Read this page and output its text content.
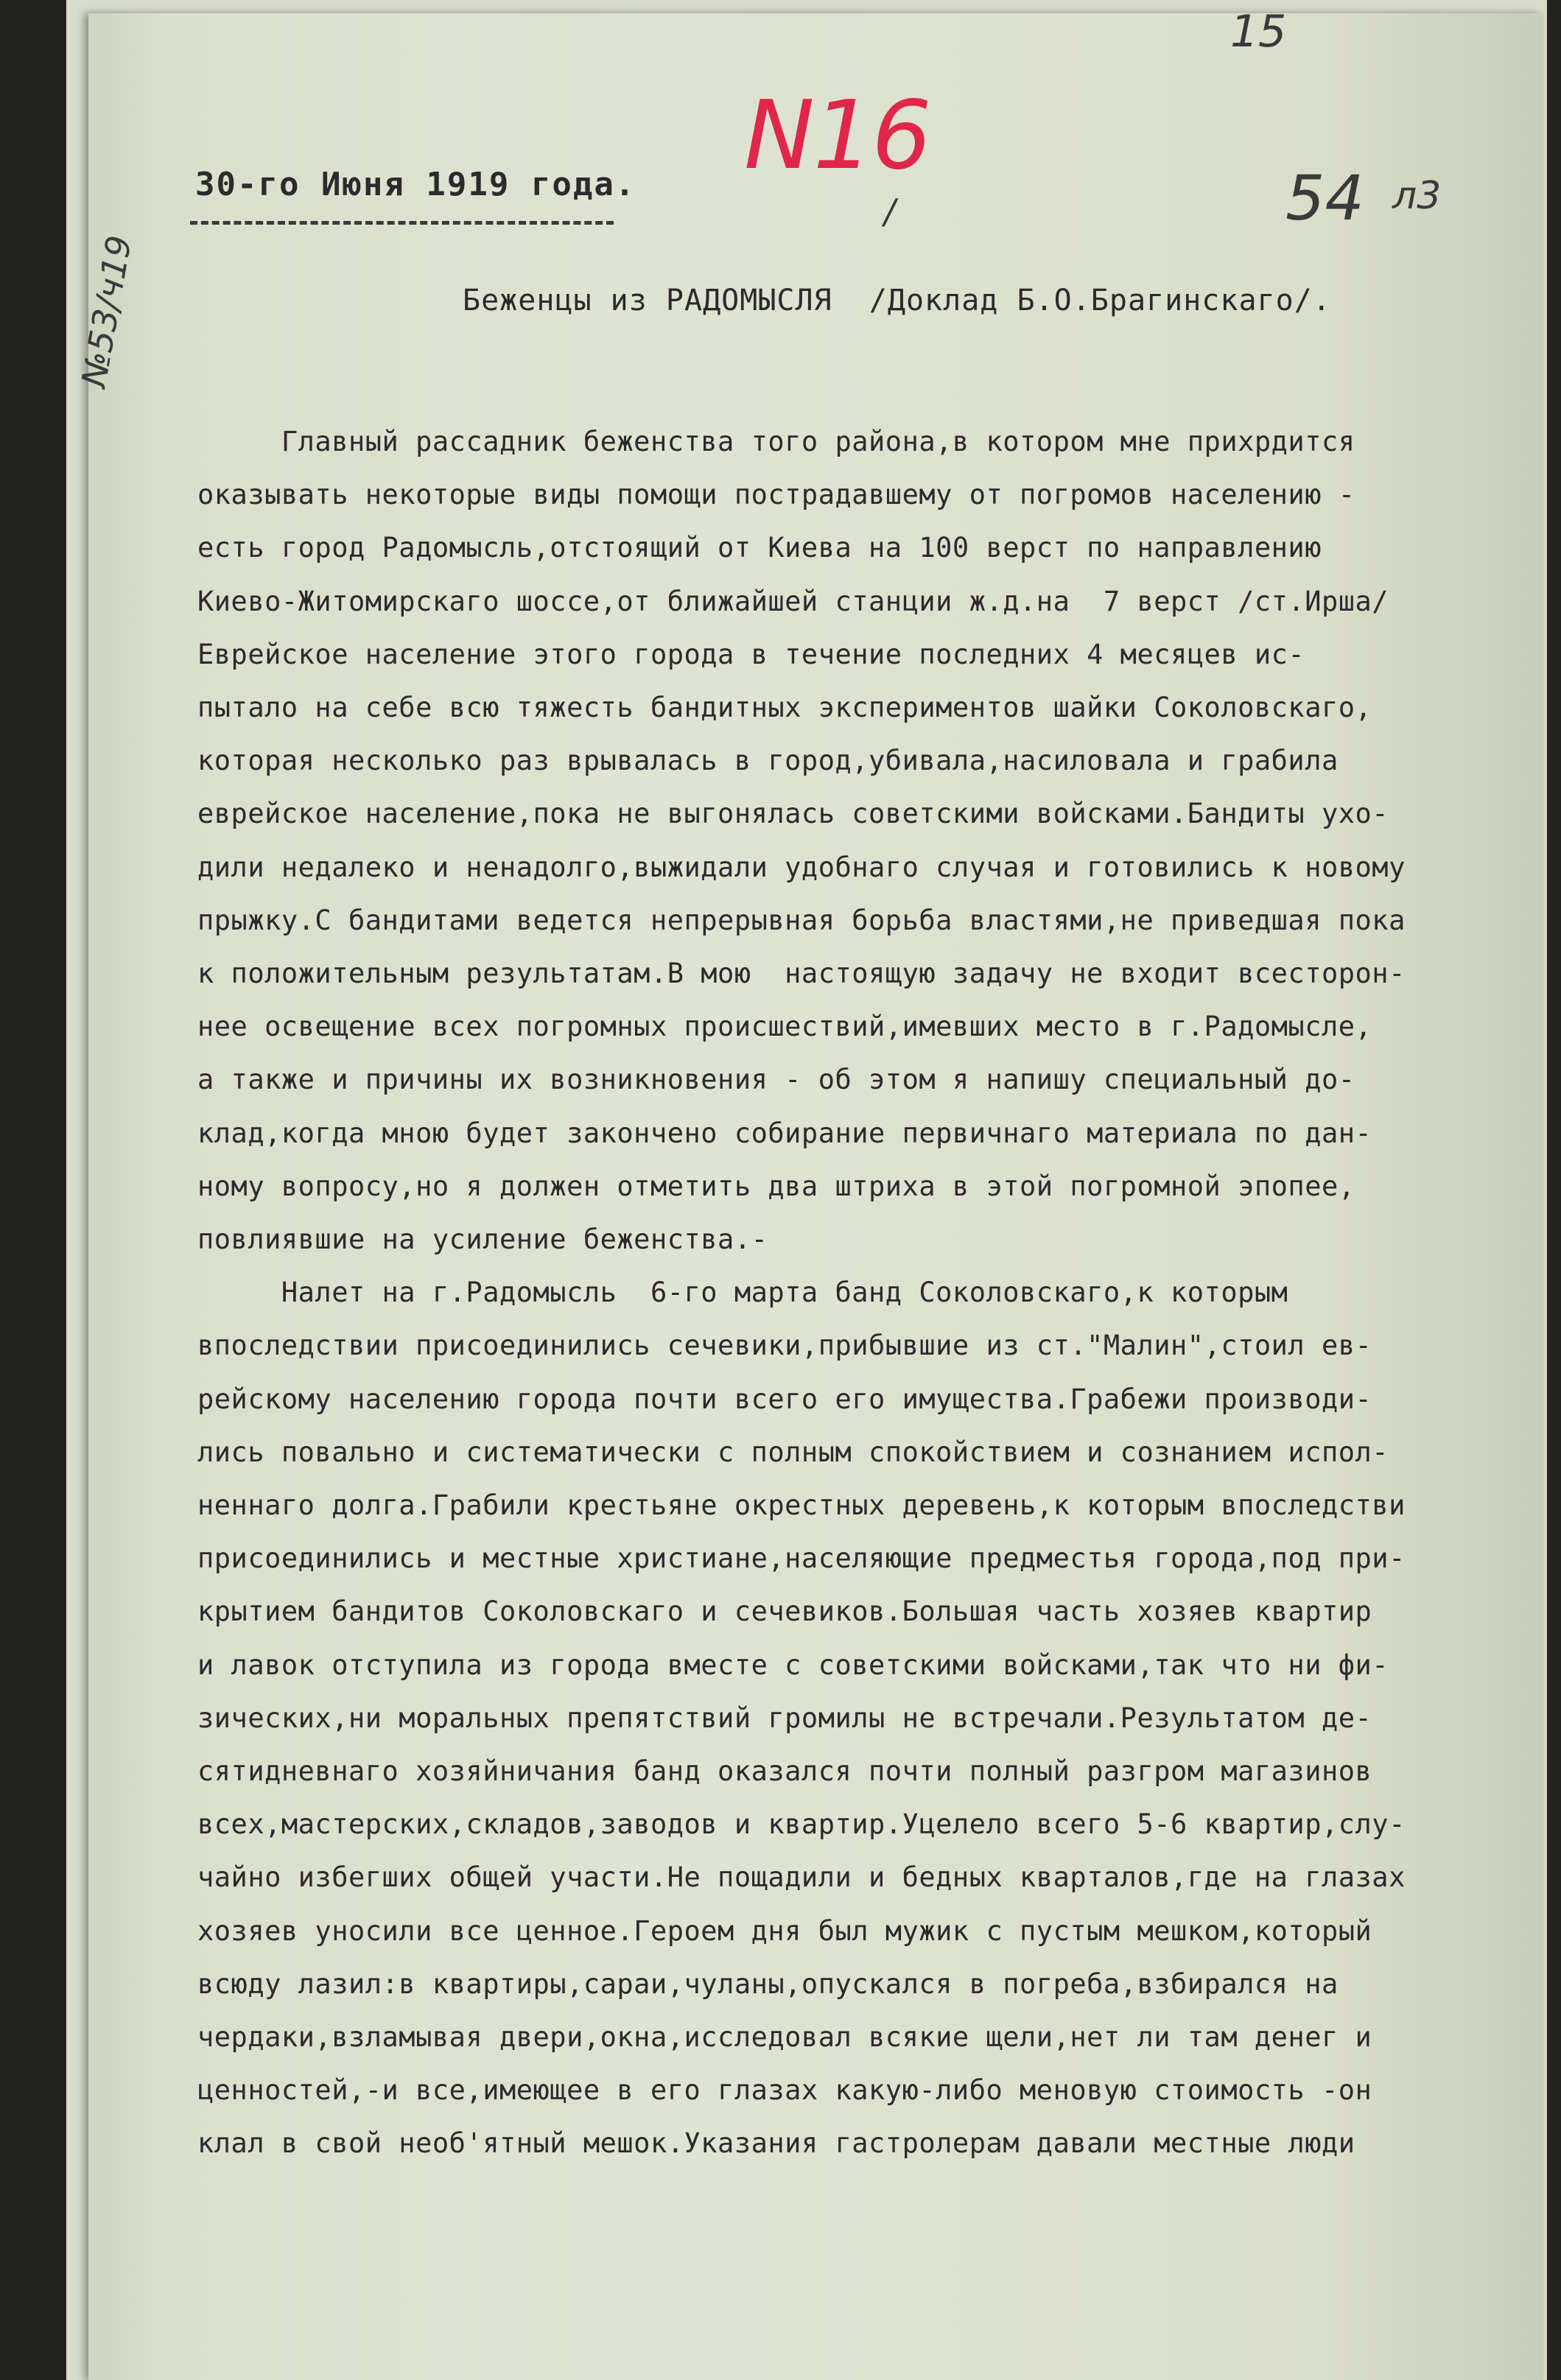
15
N16
/	54 л3
№53/ч19
30-го Июня 1919 года.
Беженцы из РАДОМЫСЛЯ  /Доклад Б.О.Брагинскаго/.
Главный рассадник беженства того района,в котором мне прихрдится
оказывать некоторые виды помощи пострадавшему от погромов населению -
есть город Радомысль,отстоящий от Киева на 100 верст по направлению
Киево-Житомирскаго шоссе,от ближайшей станции ж.д.на  7 верст /ст.Ирша/
Еврейское население этого города в течение последних 4 месяцев ис-
пытало на себе всю тяжесть бандитных экспериментов шайки Соколовскаго,
которая несколько раз врывалась в город,убивала,насиловала и грабила
еврейское население,пока не выгонялась советскими войсками.Бандиты ухо-
дили недалеко и ненадолго,выжидали удобнаго случая и готовились к новому
прыжку.С бандитами ведется непрерывная борьба властями,не приведшая пока
к положительным результатам.В мою  настоящую задачу не входит всесторон-
нее освещение всех погромных происшествий,имевших место в г.Радомысле,
а также и причины их возникновения - об этом я напишу специальный до-
клад,когда мною будет закончено собирание первичнаго материала по дан-
ному вопросу,но я должен отметить два штриха в этой погромной эпопее,
повлиявшие на усиление беженства.-
Налет на г.Радомысль  6-го марта банд Соколовскаго,к которым
впоследствии присоединились сечевики,прибывшие из ст."Малин",стоил ев-
рейскому населению города почти всего его имущества.Грабежи производи-
лись повально и систематически с полным спокойствием и сознанием испол-
неннаго долга.Грабили крестьяне окрестных деревень,к которым впоследстви
присоединились и местные христиане,населяющие предместья города,под при-
крытием бандитов Соколовскаго и сечевиков.Большая часть хозяев квартир
и лавок отступила из города вместе с советскими войсками,так что ни фи-
зических,ни моральных препятствий громилы не встречали.Результатом де-
сятидневнаго хозяйничания банд оказался почти полный разгром магазинов
всех,мастерских,складов,заводов и квартир.Уцелело всего 5-6 квартир,слу-
чайно избегших общей участи.Не пощадили и бедных кварталов,где на глазах
хозяев уносили все ценное.Героем дня был мужик с пустым мешком,который
всюду лазил:в квартиры,сараи,чуланы,опускался в погреба,взбирался на
чердаки,взламывая двери,окна,исследовал всякие щели,нет ли там денег и
ценностей,-и все,имеющее в его глазах какую-либо меновую стоимость -он
клал в свой необ'ятный мешок.Указания гастролерам давали местные люди
